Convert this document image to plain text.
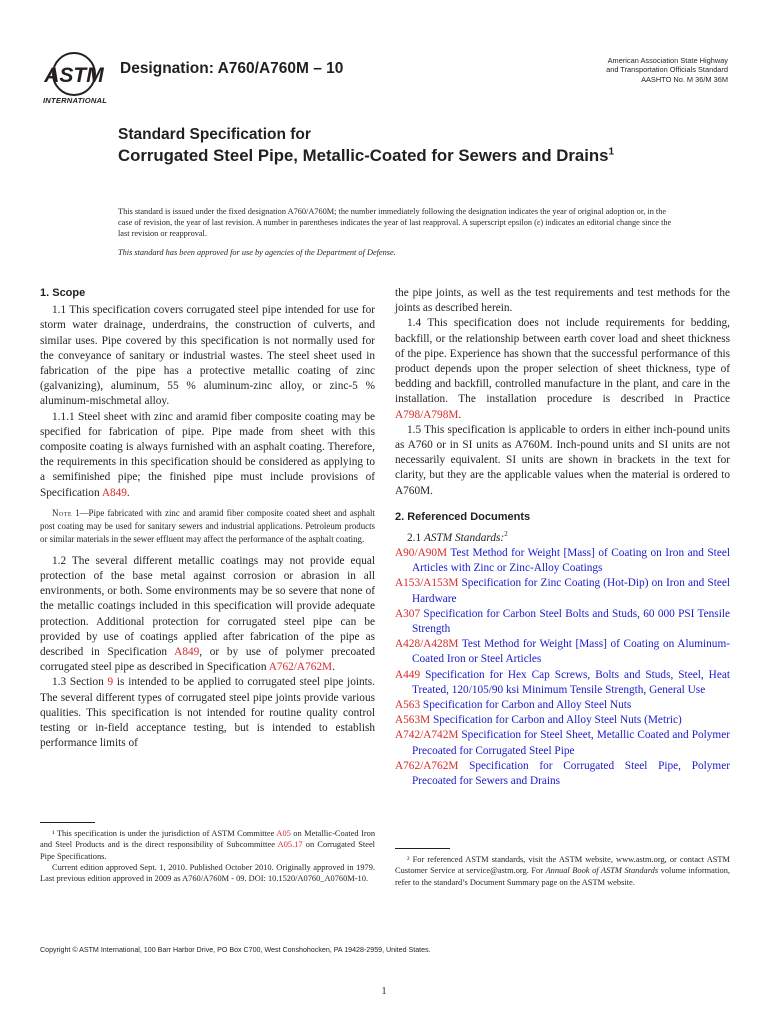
ASTM
INTERNATIONAL
Designation: A760/A760M – 10	American Association State Highway
and Transportation Officials Standard
AASHTO No. M 36/M 36M
Standard Specification for
Corrugated Steel Pipe, Metallic-Coated for Sewers and Drains$^1$
This standard is issued under the fixed designation A760/A760M; the number immediately following the designation indicates the year of original adoption or, in the case of revision, the year of last revision. A number in parentheses indicates the year of last reapproval. A superscript epsilon (ε) indicates an editorial change since the last revision or reapproval.
This standard has been approved for use by agencies of the Department of Defense.
1. Scope

1.1 This specification covers corrugated steel pipe intended for use for storm water drainage, underdrains, the construction of culverts, and similar uses. Pipe covered by this specification is not normally used for the conveyance of sanitary or industrial wastes. The steel sheet used in fabrication of the pipe has a protective metallic coating of zinc (galvanizing), aluminum, 55 % aluminum-zinc alloy, or zinc-5 % aluminum-mischmetal alloy.

1.1.1 Steel sheet with zinc and aramid fiber composite coating may be specified for fabrication of pipe. Pipe made from sheet with this composite coating is always furnished with an asphalt coating. Therefore, the requirements in this specification should be considered as applying to a semifinished pipe; the finished pipe must include provisions of Specification A849.

Note 1—Pipe fabricated with zinc and aramid fiber composite coated sheet and asphalt post coating may be used for sanitary sewers and industrial applications. Petroleum products or similar materials in the sewer effluent may affect the performance of the asphalt coating.

1.2 The several different metallic coatings may not provide equal protection of the base metal against corrosion or abrasion in all environments, or both. Some environments may be so severe that none of the metallic coatings included in this specification will provide adequate protection. Additional protection for corrugated steel pipe can be provided by use of coatings applied after fabrication of the pipe as described in Specification A849, or by use of polymer precoated corrugated steel pipe as described in Specification A762/A762M.

1.3 Section 9 is intended to be applied to corrugated steel pipe joints. The several different types of corrugated steel pipe joints provide various qualities. This specification is not intended for routine quality control testing or in-field acceptance testing, but is intended to establish performance limits of

the pipe joints, as well as the test requirements and test methods for the joints as described herein.

1.4 This specification does not include requirements for bedding, backfill, or the relationship between earth cover load and sheet thickness of the pipe. Experience has shown that the successful performance of this product depends upon the proper selection of sheet thickness, type of bedding and backfill, controlled manufacture in the plant, and care in the installation. The installation procedure is described in Practice A798/A798M.

1.5 This specification is applicable to orders in either inch-pound units as A760 or in SI units as A760M. Inch-pound units and SI units are not necessarily equivalent. SI units are shown in brackets in the text for clarity, but they are the applicable values when the material is ordered to A760M.

2. Referenced Documents

2.1 ASTM Standards:$^2$

A90/A90M Test Method for Weight [Mass] of Coating on Iron and Steel Articles with Zinc or Zinc-Alloy Coatings

A153/A153M Specification for Zinc Coating (Hot-Dip) on Iron and Steel Hardware

A307 Specification for Carbon Steel Bolts and Studs, 60 000 PSI Tensile Strength

A428/A428M Test Method for Weight [Mass] of Coating on Aluminum-Coated Iron or Steel Articles

A449 Specification for Hex Cap Screws, Bolts and Studs, Steel, Heat Treated, 120/105/90 ksi Minimum Tensile Strength, General Use

A563 Specification for Carbon and Alloy Steel Nuts

A563M Specification for Carbon and Alloy Steel Nuts (Metric)

A742/A742M Specification for Steel Sheet, Metallic Coated and Polymer Precoated for Corrugated Steel Pipe

A762/A762M Specification for Corrugated Steel Pipe, Polymer Precoated for Sewers and Drains

¹ This specification is under the jurisdiction of ASTM Committee A05 on Metallic-Coated Iron and Steel Products and is the direct responsibility of Subcommittee A05.17 on Corrugated Steel Pipe Specifications.

Current edition approved Sept. 1, 2010. Published October 2010. Originally approved in 1979. Last previous edition approved in 2009 as A760/A760M - 09. DOI: 10.1520/A0760_A0760M-10.

² For referenced ASTM standards, visit the ASTM website, www.astm.org, or contact ASTM Customer Service at service@astm.org. For Annual Book of ASTM Standards volume information, refer to the standard’s Document Summary page on the ASTM website.

Copyright © ASTM International, 100 Barr Harbor Drive, PO Box C700, West Conshohocken, PA 19428-2959, United States.
1
